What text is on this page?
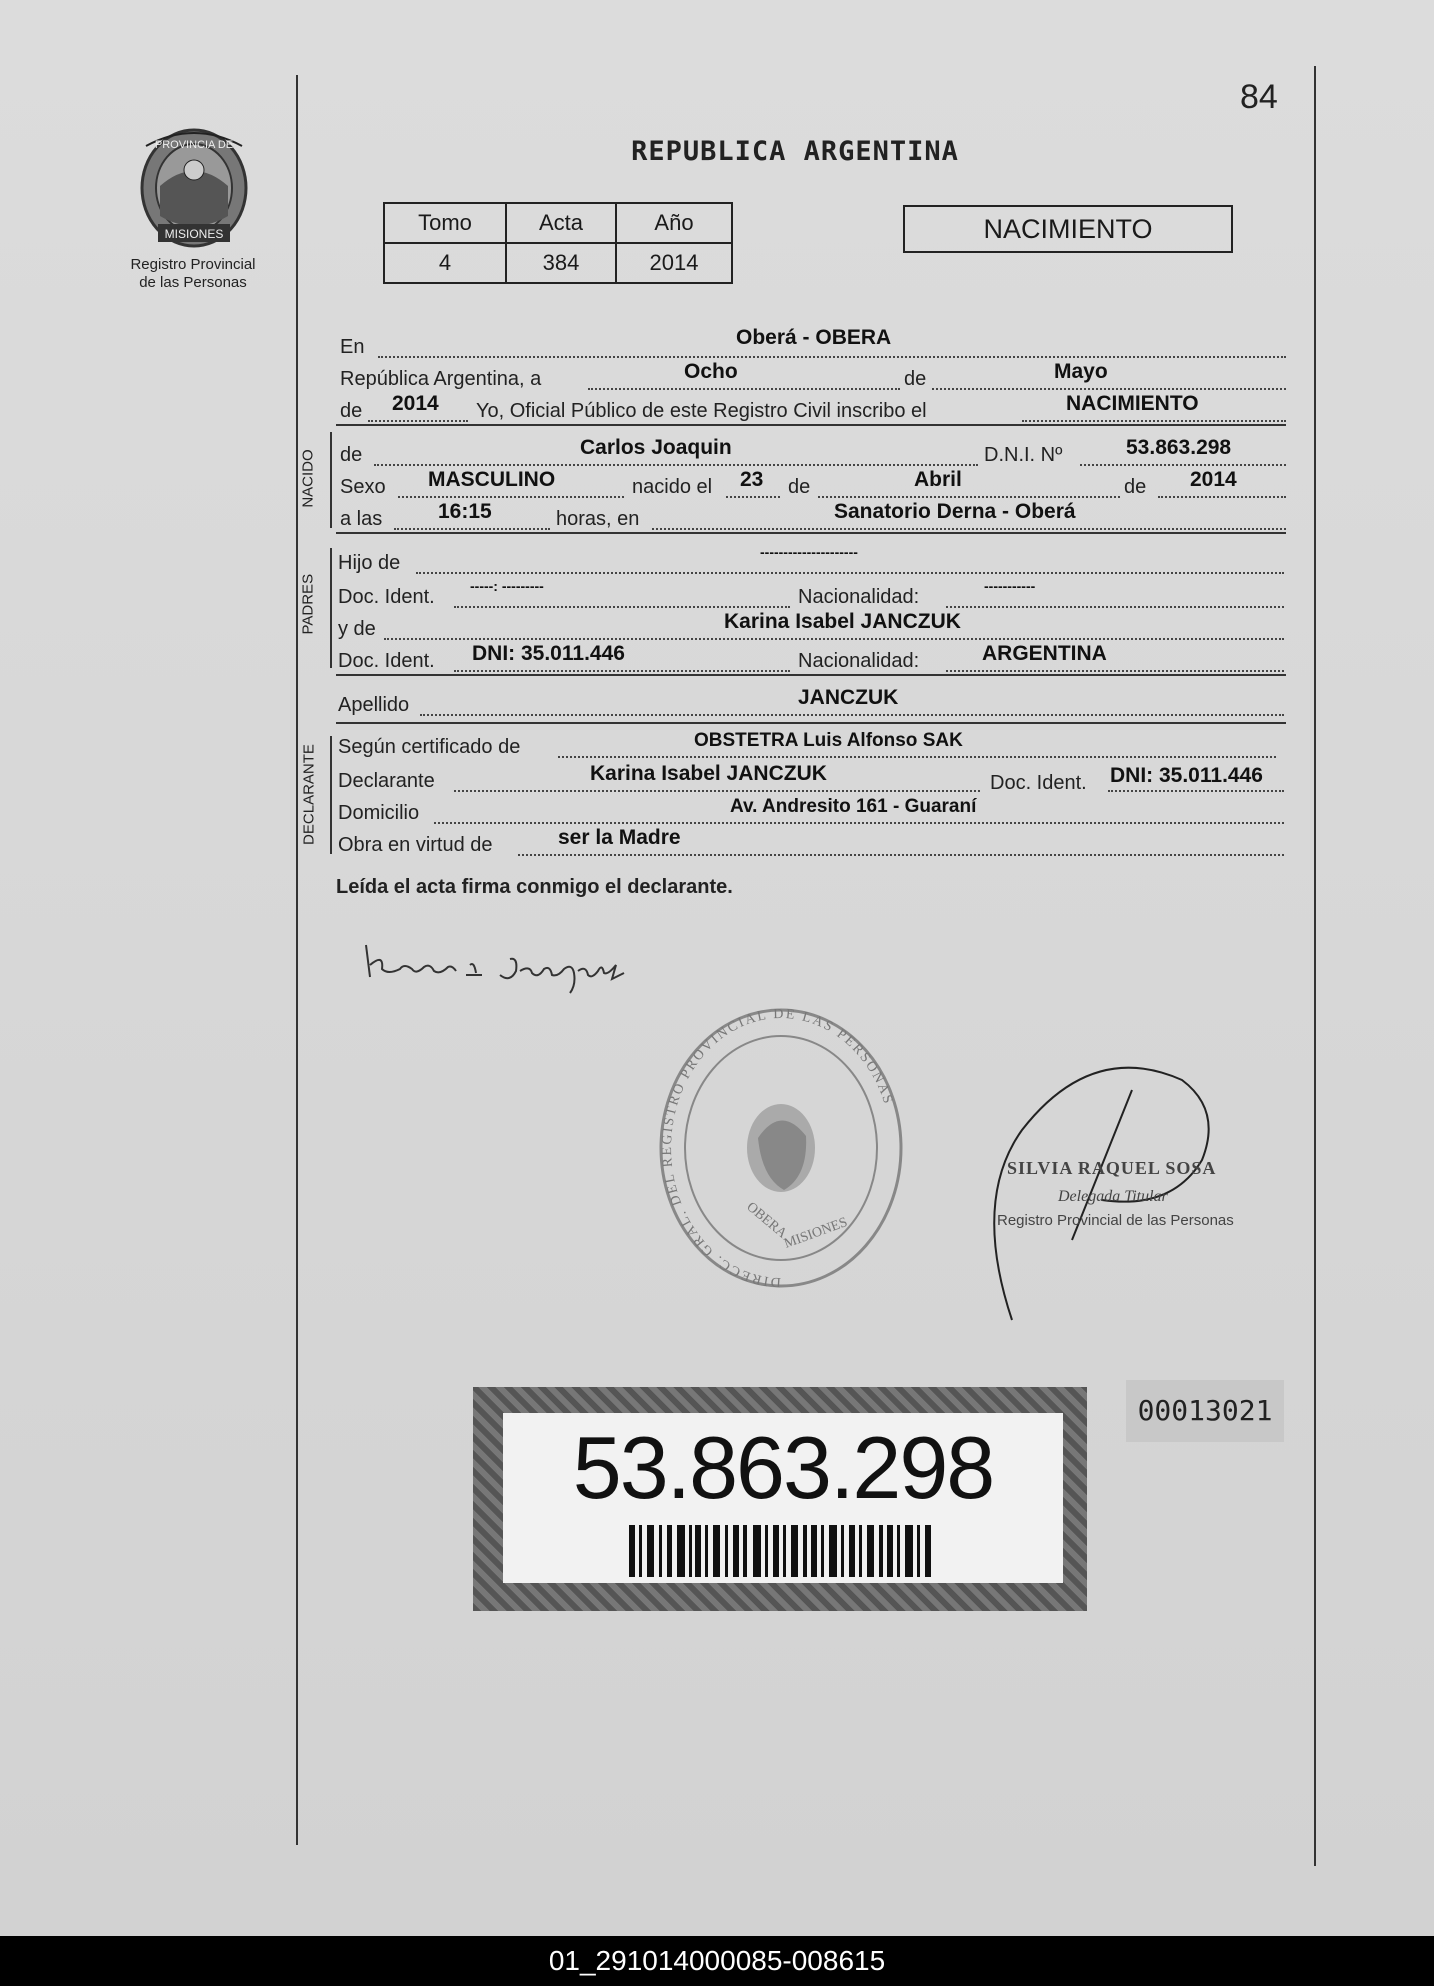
PROVINCIA DE
MISIONES
Registro Provincial
de las Personas
84
REPUBLICA ARGENTINA
Tomo	Acta	Año
4	384	2014
NACIMIENTO
En	Oberá - OBERA
República Argentina, a	Ocho	de	Mayo
de 2014 Yo, Oficial Público de este Registro Civil inscribo el	NACIMIENTO
NACIDO de	Carlos Joaquin	D.N.I. Nº	53.863.298
Sexo MASCULINO	nacido el 23 de	Abril	de 2014
a las	16:15	horas, en	Sanatorio Derna - Oberá
PADRES
Hijo de	---------------------
Doc. Ident.	-----: ---------	Nacionalidad:	-----------
y de	Karina Isabel JANCZUK
Doc. Ident. DNI: 35.011.446	Nacionalidad:	ARGENTINA
Apellido	JANCZUK
DECLARANTE Según certificado de	OBSTETRA Luis Alfonso SAK
Declarante	Karina Isabel JANCZUK	Doc. Ident. DNI: 35.011.446
Domicilio	Av. Andresito 161 - Guaraní
Obra en virtud de	ser la Madre
Leída el acta firma conmigo el declarante.
Karina I. Janczuk
DIRECC. GRAL. DEL REGISTRO PROVINCIAL DE LAS PERSONAS
OBERA
MISIONES
SILVIA RAQUEL SOSA
Delegada Titular
Registro Provincial de las Personas
53.863.298
00013021
01_291014000085-008615
